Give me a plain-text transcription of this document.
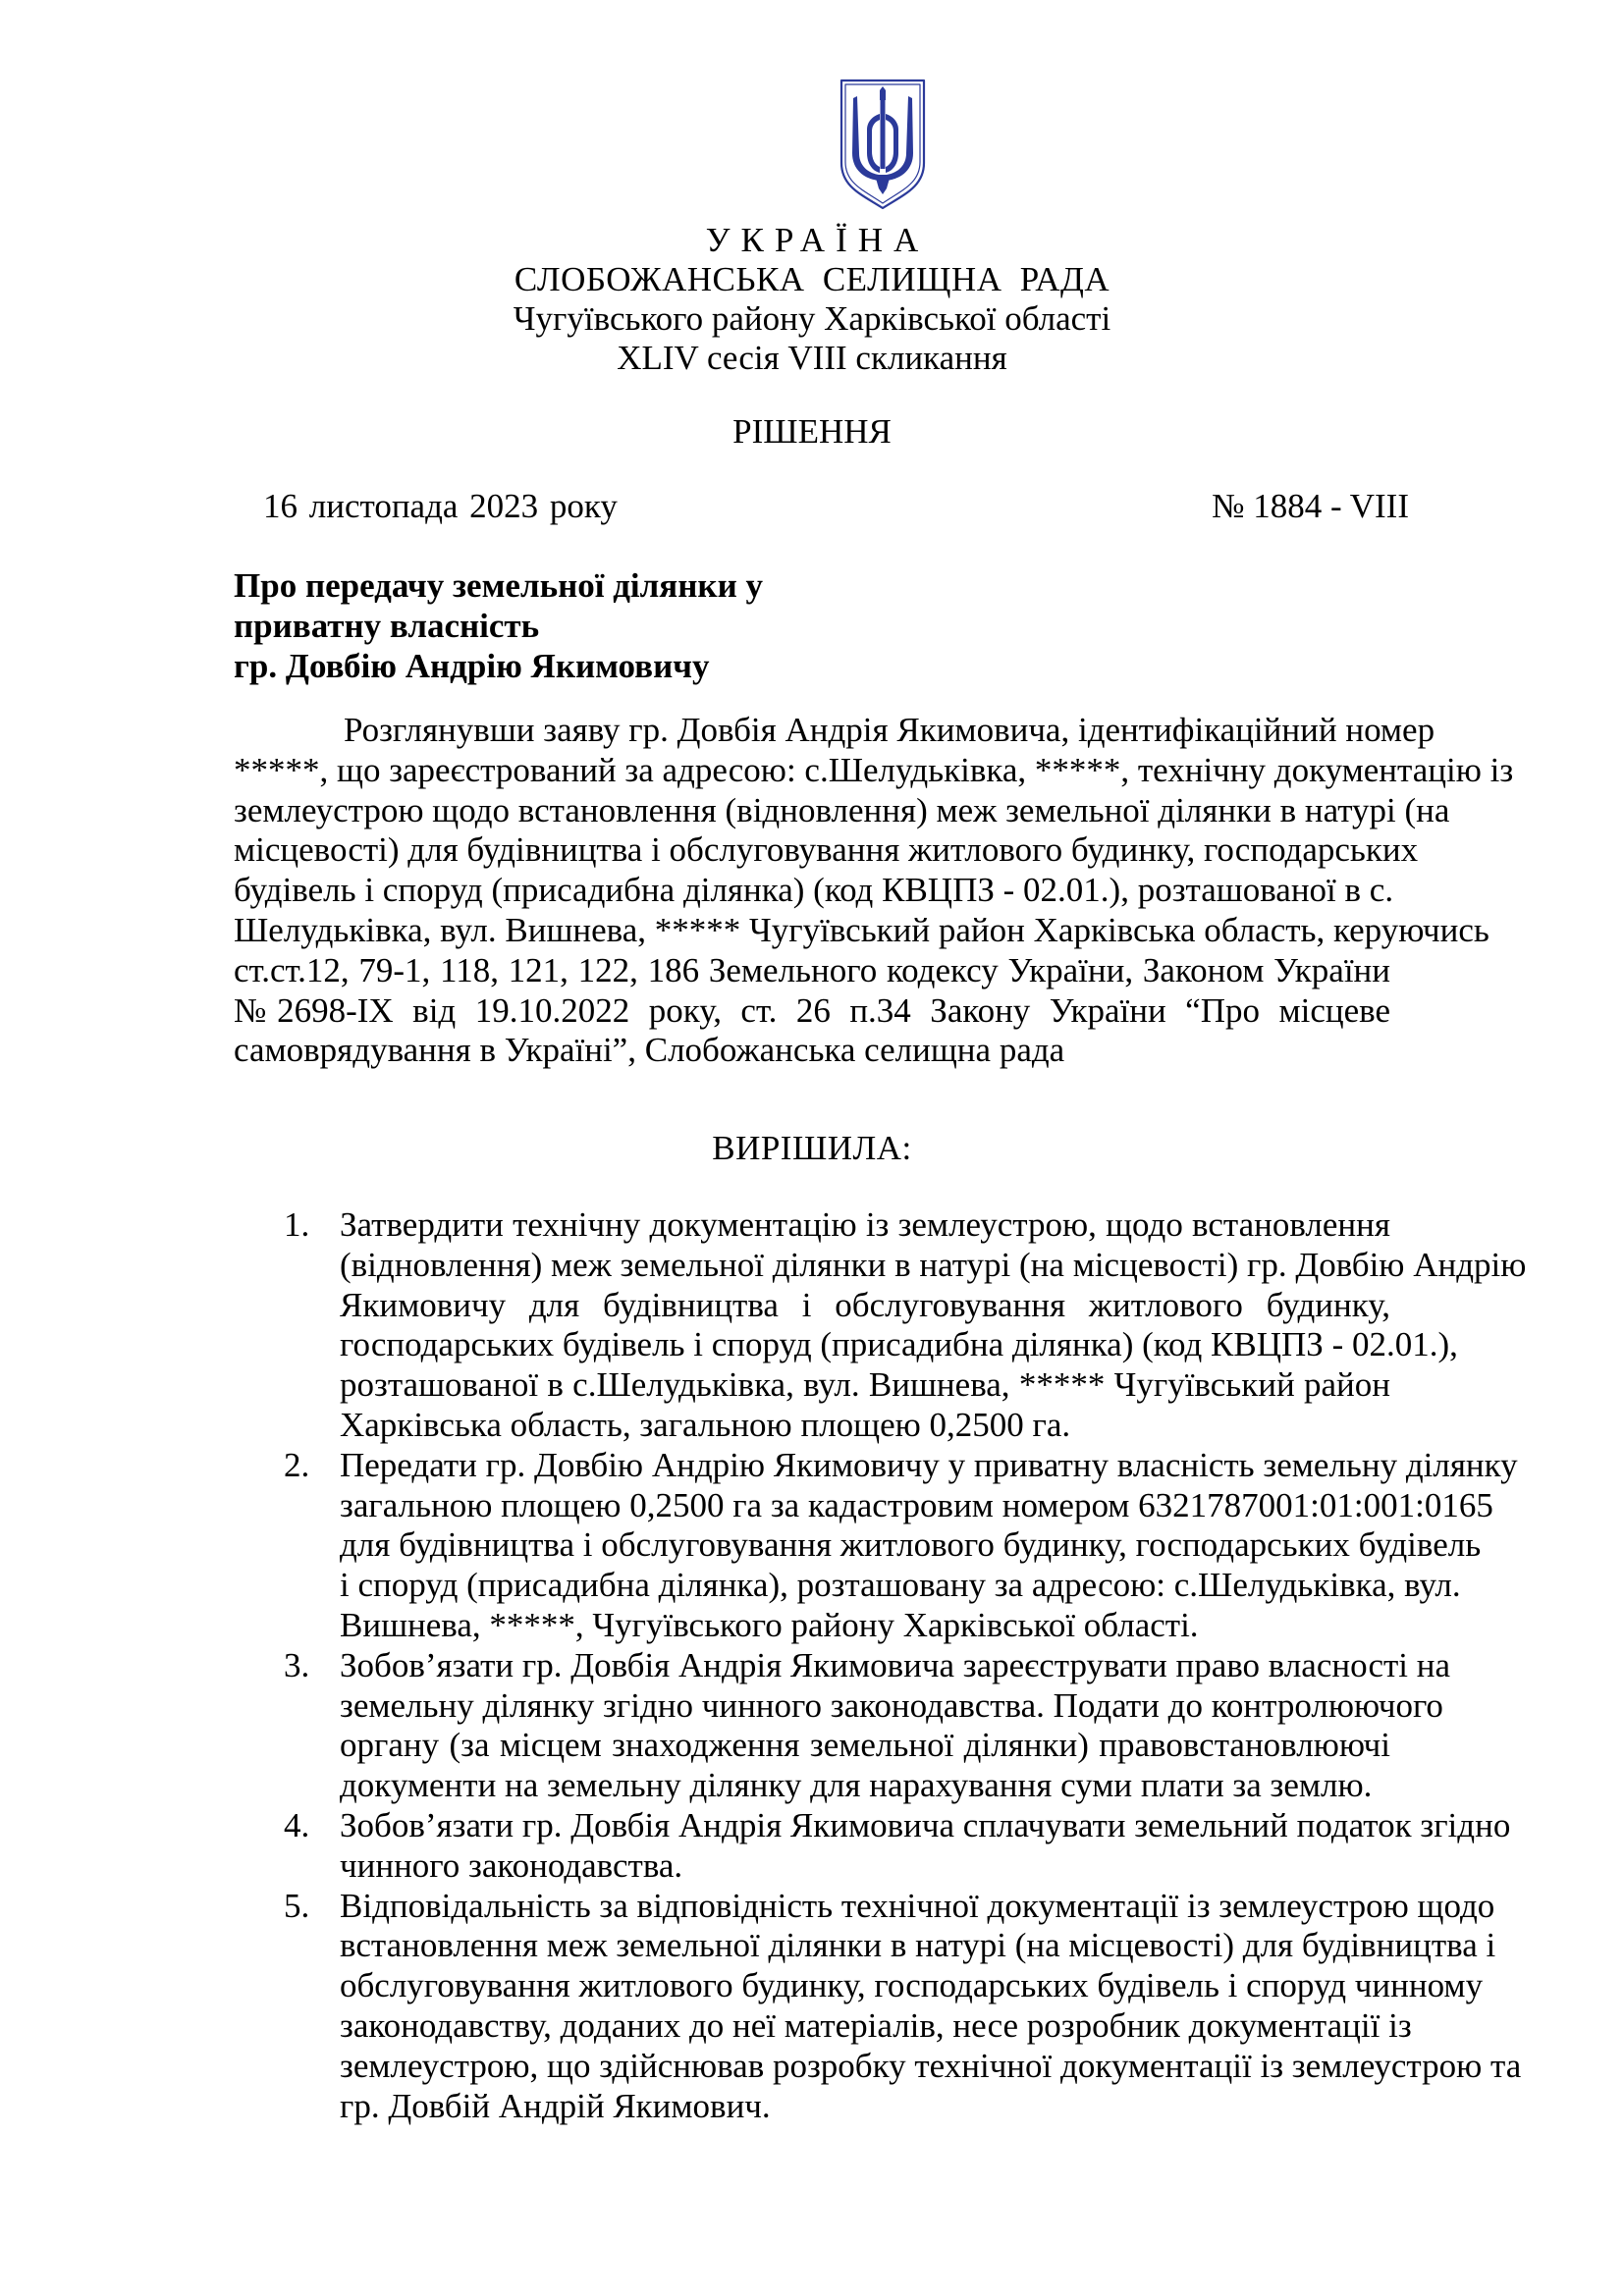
УКРАЇНА
СЛОБОЖАНСЬКА СЕЛИЩНА РАДА
Чугуївського району Харківської області
XLIV сесія VIII скликання
РІШЕННЯ
16 листопада 2023 року	№ 1884 - VIII
Про передачу земельної ділянки у
приватну власність
гр. Довбію Андрію Якимовичу
Розглянувши заяву гр. Довбія Андрія Якимовича, ідентифікаційний номер
*****, що зареєстрований за адресою: с.Шелудьківка, *****, технічну документацію із
землеустрою щодо встановлення (відновлення) меж земельної ділянки в натурі (на
місцевості) для будівництва і обслуговування житлового будинку, господарських
будівель і споруд (присадибна ділянка) (код КВЦПЗ - 02.01.), розташованої в с.
Шелудьківка, вул. Вишнева, ***** Чугуївський район Харківська область, керуючись
ст.ст.12, 79-1, 118, 121, 122, 186 Земельного кодексу України, Законом України
№2698-IX від 19.10.2022 року, ст. 26 п.34 Закону України “Про місцеве
самоврядування в Україні”, Слобожанська селищна рада
ВИРІШИЛА:
1. Затвердити технічну документацію із землеустрою, щодо встановлення
(відновлення) меж земельної ділянки в натурі (на місцевості) гр. Довбію Андрію
Якимовичу для будівництва і обслуговування житлового будинку,
господарських будівель і споруд (присадибна ділянка) (код КВЦПЗ - 02.01.),
розташованої в с.Шелудьківка, вул. Вишнева, ***** Чугуївський район
Харківська область, загальною площею 0,2500 га.
2. Передати гр. Довбію Андрію Якимовичу у приватну власність земельну ділянку
загальною площею 0,2500 га за кадастровим номером 6321787001:01:001:0165
для будівництва і обслуговування житлового будинку, господарських будівель
і споруд (присадибна ділянка), розташовану за адресою: с.Шелудьківка, вул.
Вишнева, *****, Чугуївського району Харківської області.
3. Зобов’язати гр. Довбія Андрія Якимовича зареєструвати право власності на
земельну ділянку згідно чинного законодавства. Подати до контролюючого
органу (за місцем знаходження земельної ділянки) правовстановлюючі
документи на земельну ділянку для нарахування суми плати за землю.
4. Зобов’язати гр. Довбія Андрія Якимовича сплачувати земельний податок згідно
чинного законодавства.
5. Відповідальність за відповідність технічної документації із землеустрою щодо
встановлення меж земельної ділянки в натурі (на місцевості) для будівництва і
обслуговування житлового будинку, господарських будівель і споруд чинному
законодавству, доданих до неї матеріалів, несе розробник документації із
землеустрою, що здійснював розробку технічної документації із землеустрою та
гр. Довбій Андрій Якимович.
